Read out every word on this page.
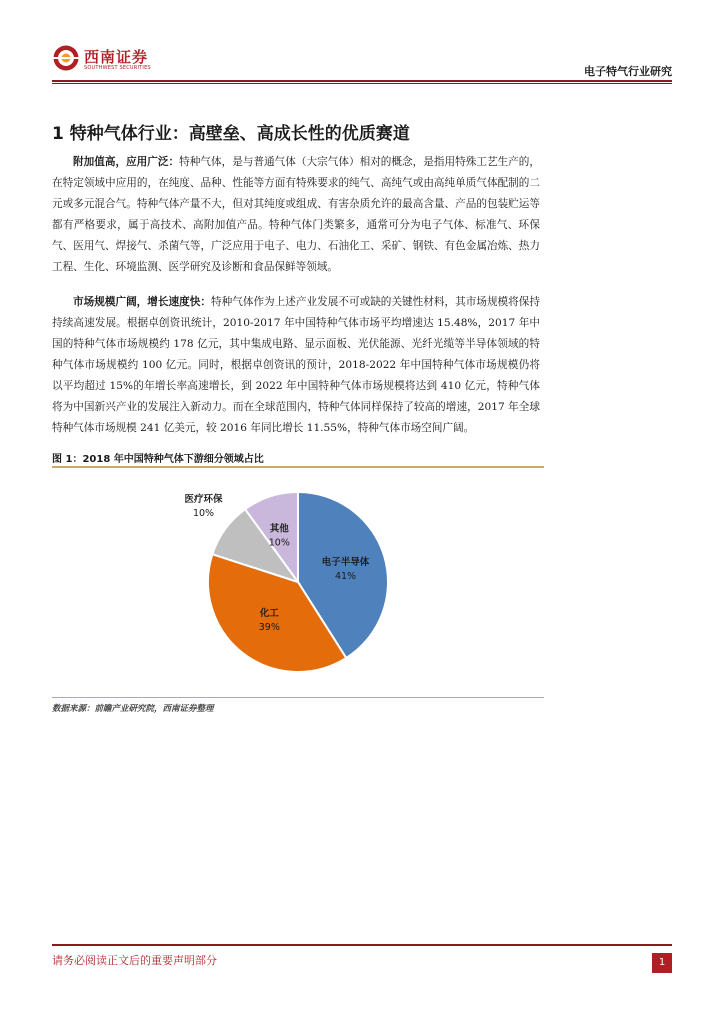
西南证券
SOUTHWEST SECURITIES	电子特气行业研究
1 特种气体行业：高壁垒、高成长性的优质赛道

附加值高，应用广泛：特种气体，是与普通气体（大宗气体）相对的概念，是指用特殊工艺生产的，在特定领域中应用的，在纯度、品种、性能等方面有特殊要求的纯气、高纯气或由高纯单质气体配制的二元或多元混合气。特种气体产量不大，但对其纯度或组成、有害杂质允许的最高含量、产品的包装贮运等都有严格要求，属于高技术、高附加值产品。特种气体门类繁多，通常可分为电子气体、标准气、环保气、医用气、焊接气、杀菌气等，广泛应用于电子、电力、石油化工、采矿、钢铁、有色金属冶炼、热力工程、生化、环境监测、医学研究及诊断和食品保鲜等领域。

市场规模广阔，增长速度快：特种气体作为上述产业发展不可或缺的关键性材料，其市场规模将保持持续高速发展。根据卓创资讯统计，2010-2017 年中国特种气体市场平均增速达 15.48%，2017 年中国的特种气体市场规模约 178 亿元，其中集成电路、显示面板、光伏能源、光纤光缆等半导体领域的特种气体市场规模约 100 亿元。同时，根据卓创资讯的预计，2018-2022 年中国特种气体市场规模仍将以平均超过 15%的年增长率高速增长，到 2022 年中国特种气体市场规模将达到 410 亿元，特种气体将为中国新兴产业的发展注入新动力。而在全球范围内，特种气体同样保持了较高的增速，2017 年全球特种气体市场规模 241 亿美元，较 2016 年同比增长 11.55%，特种气体市场空间广阔。

图 1：2018 年中国特种气体下游细分领域占比
电子半导体
41%
化工
39%
医疗环保
10%
其他
10%
数据来源：前瞻产业研究院，西南证券整理
请务必阅读正文后的重要声明部分	1
